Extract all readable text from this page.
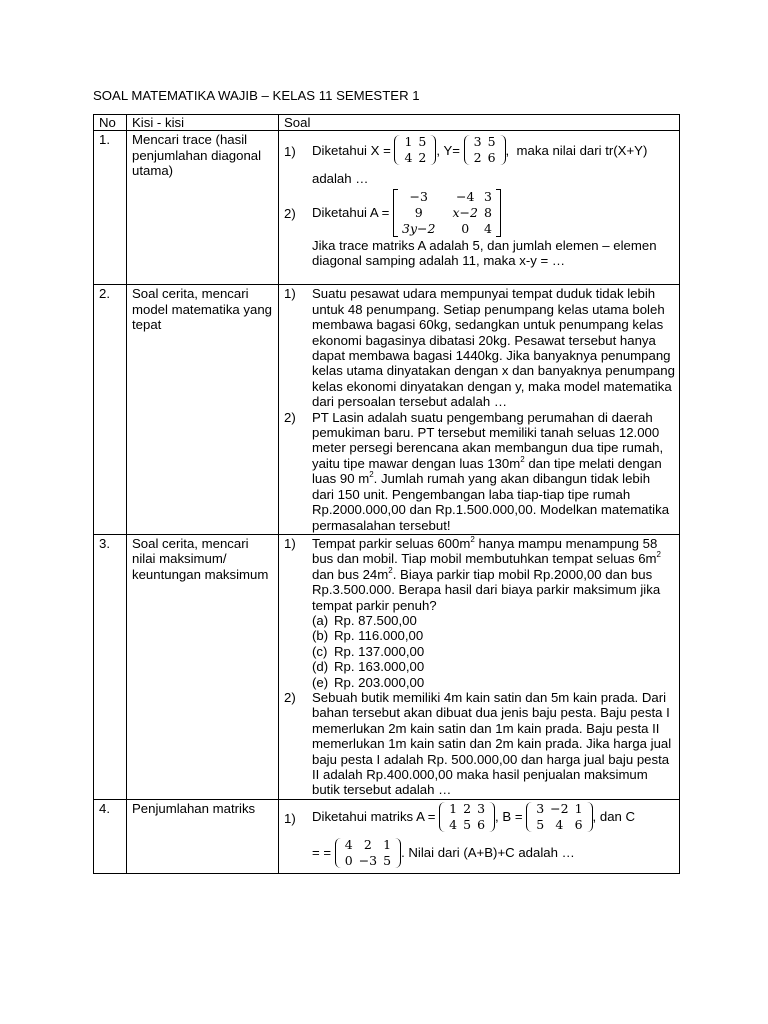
SOAL MATEMATIKA WAJIB – KELAS 11 SEMESTER 1
No	Kisi - kisi	Soal
1.	Mencari trace (hasil penjumlahan diagonal utama)	
1) Diketahui X =
1	5
4	2
, Y=
3	5
2	6
,  maka nilai dari tr(X+Y)
adalah …
2) Diketahui A =
−3	−4	3
9	x−2	8
3y−2	0	4
Jika trace matriks A adalah 5, dan jumlah elemen – elemen diagonal samping adalah 11, maka x-y = …

2.	Soal cerita, mencari model matematika yang tepat	
1) Suatu pesawat udara mempunyai tempat duduk tidak lebih untuk 48 penumpang. Setiap penumpang kelas utama boleh membawa bagasi 60kg, sedangkan untuk penumpang kelas ekonomi bagasinya dibatasi 20kg. Pesawat tersebut hanya dapat membawa bagasi 1440kg. Jika banyaknya penumpang kelas utama dinyatakan dengan x dan banyaknya penumpang kelas ekonomi dinyatakan dengan y, maka model matematika dari persoalan tersebut adalah …
2) PT Lasin adalah suatu pengembang perumahan di daerah pemukiman baru. PT tersebut memiliki tanah seluas 12.000 meter persegi berencana akan membangun dua tipe rumah, yaitu tipe mawar dengan luas $130m^2$ dan tipe melati dengan luas 90 $m^2$. Jumlah rumah yang akan dibangun tidak lebih dari 150 unit. Pengembangan laba tiap-tiap tipe rumah Rp.2000.000,00 dan Rp.1.500.000,00. Modelkan matematika permasalahan tersebut!

3.	Soal cerita, mencari nilai maksimum/ keuntungan maksimum	
1) Tempat parkir seluas $600m^2$ hanya mampu menampung 58 bus dan mobil. Tiap mobil membutuhkan tempat seluas $6m^2$ dan bus $24m^2$. Biaya parkir tiap mobil Rp.2000,00 dan bus Rp.3.500.000. Berapa hasil dari biaya parkir maksimum jika tempat parkir penuh?
(a) Rp. 87.500,00
(b) Rp. 116.000,00
(c) Rp. 137.000,00
(d) Rp. 163.000,00
(e) Rp. 203.000,00
2) Sebuah butik memiliki 4m kain satin dan 5m kain prada. Dari bahan tersebut akan dibuat dua jenis baju pesta. Baju pesta I memerlukan 2m kain satin dan 1m kain prada. Baju pesta II memerlukan 1m kain satin dan 2m kain prada. Jika harga jual baju pesta I adalah Rp. 500.000,00 dan harga jual baju pesta II adalah Rp.400.000,00 maka hasil penjualan maksimum butik tersebut adalah …

4.	Penjumlahan matriks	
1) Diketahui matriks A =
1	2	3
4	5	6
, B =
3	−2	1
5	4	6
, dan C
= =
4	2	1
0	−3	5
. Nilai dari (A+B)+C adalah …
